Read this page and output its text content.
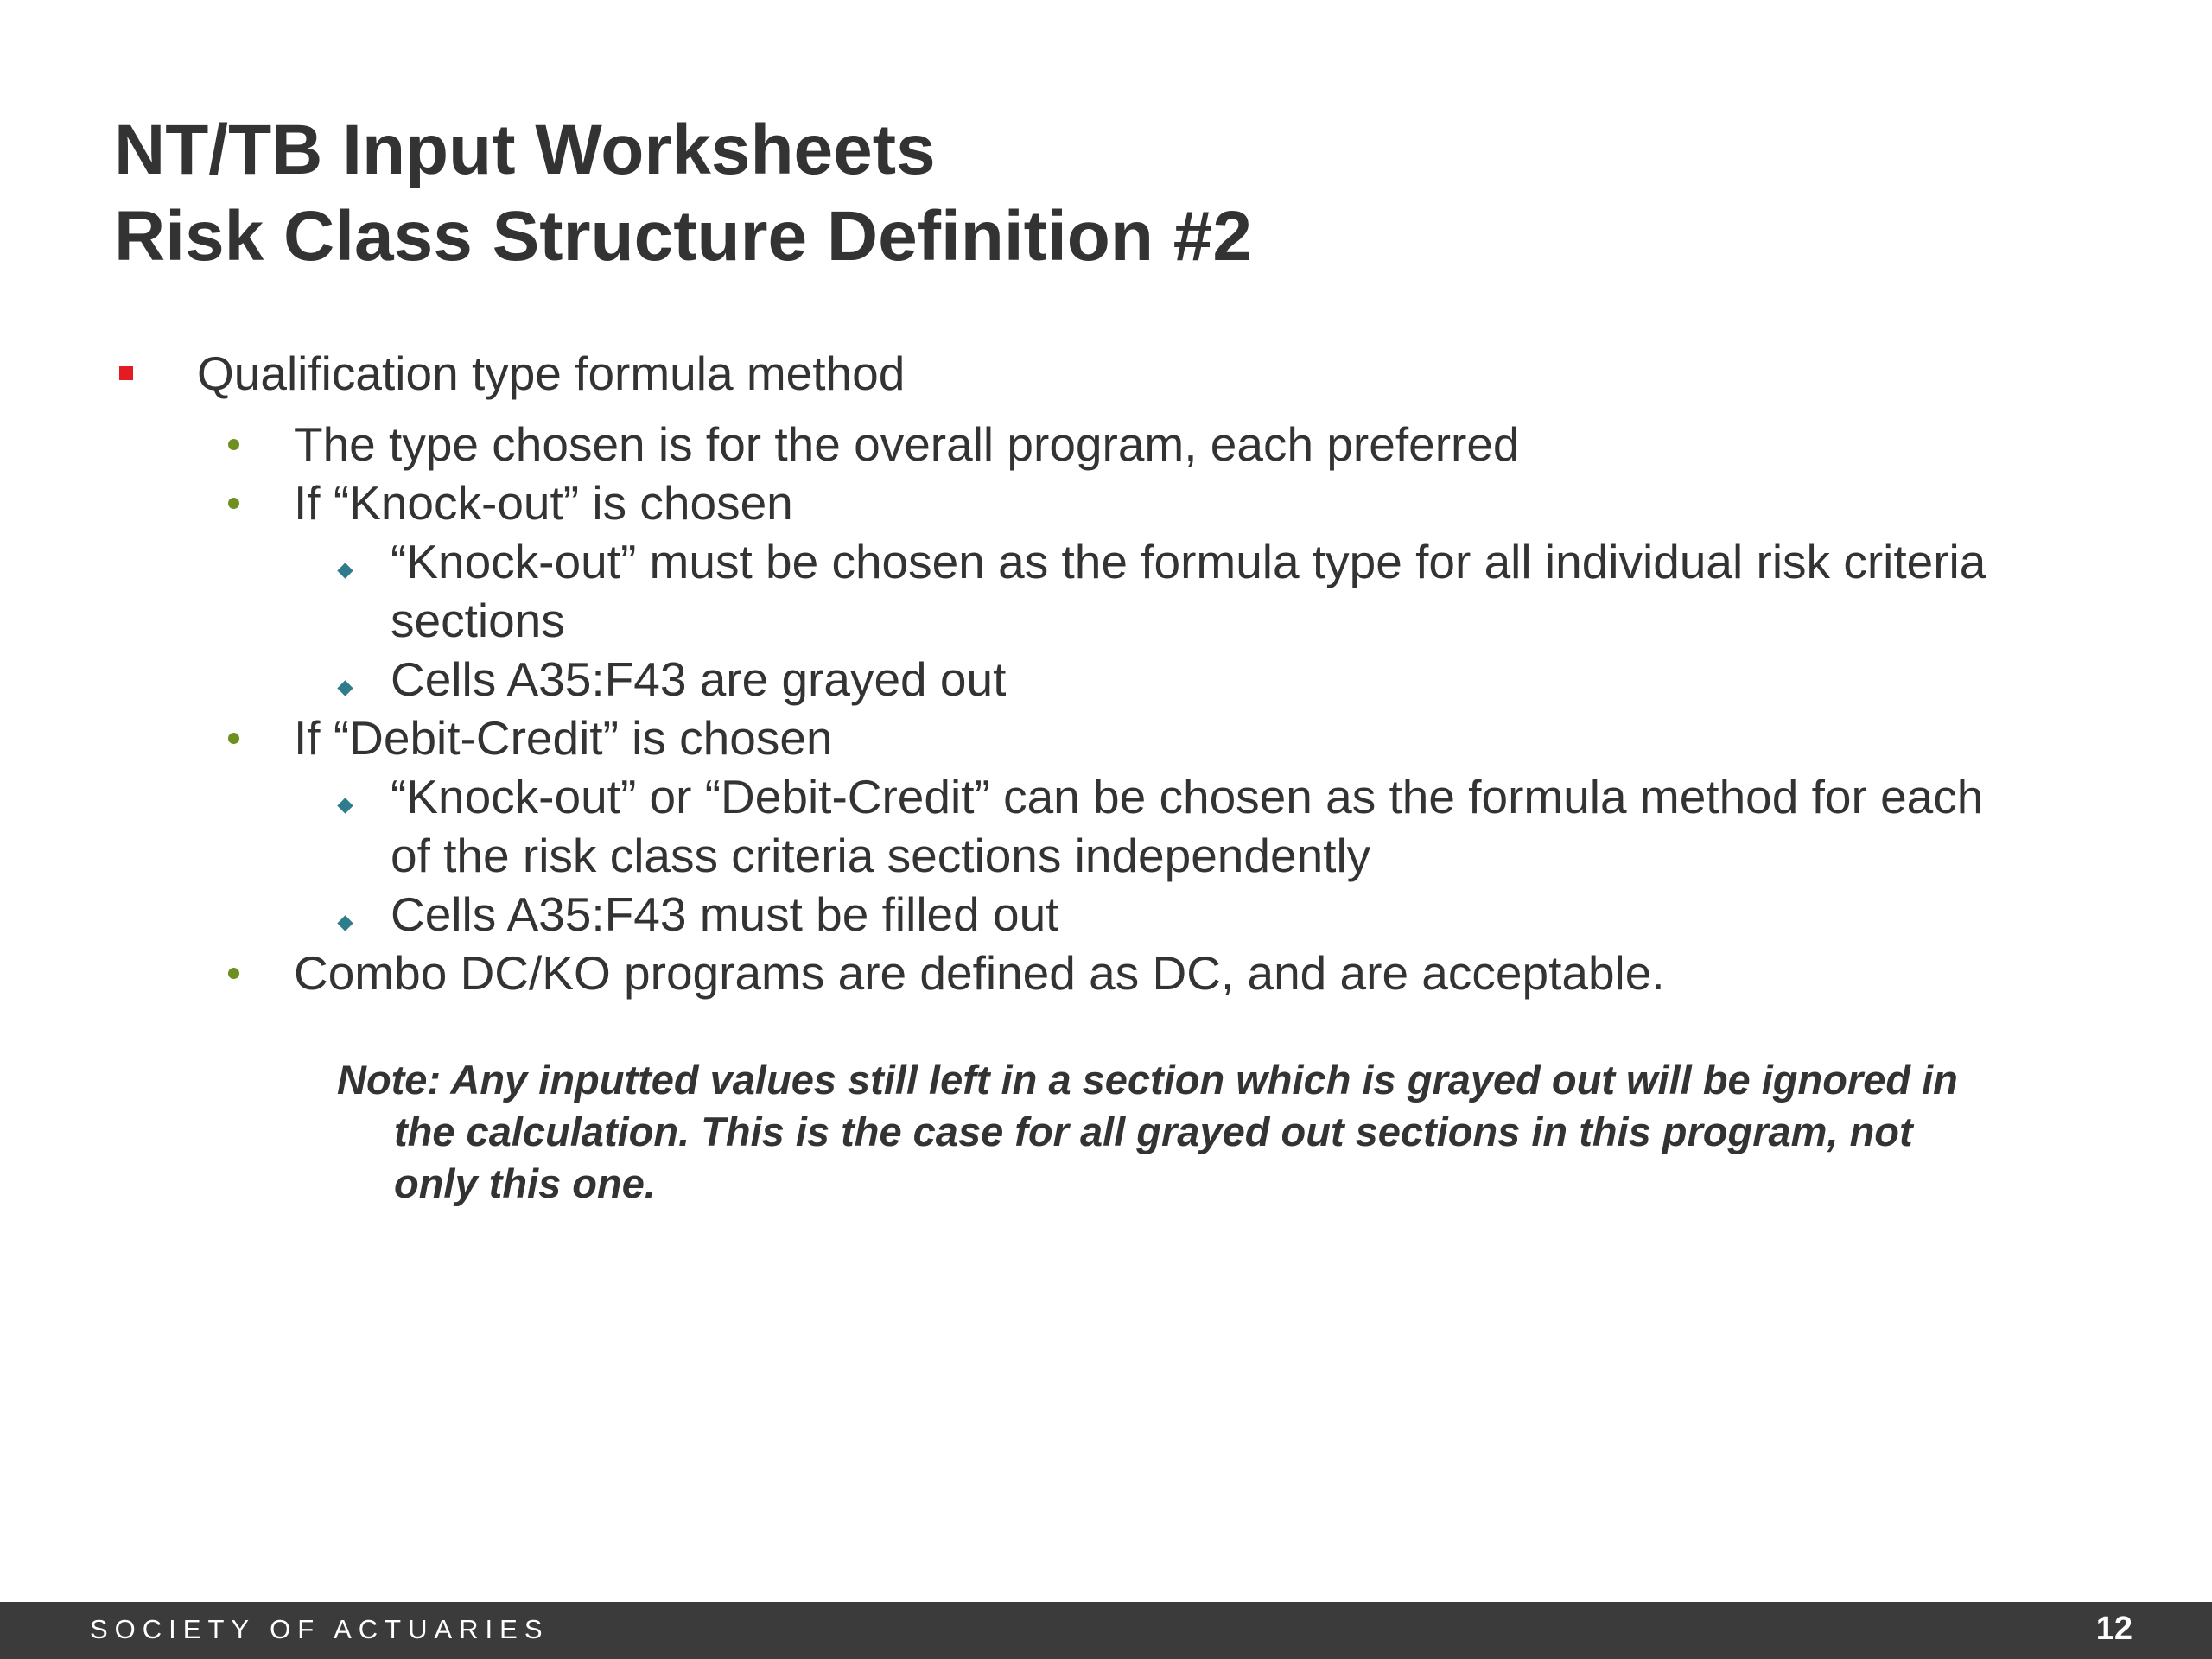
NT/TB Input Worksheets
Risk Class Structure Definition #2
Qualification type formula method
The type chosen is for the overall program, each preferred
If “Knock-out” is chosen
“Knock-out” must be chosen as the formula type for all individual risk criteria
sections
Cells A35:F43 are grayed out
If “Debit-Credit” is chosen
“Knock-out” or “Debit-Credit” can be chosen as the formula method for each
of the risk class criteria sections independently
Cells A35:F43 must be filled out
Combo DC/KO programs are defined as DC, and are acceptable.
Note: Any inputted values still left in a section which is grayed out will be ignored in
the calculation. This is the case for all grayed out sections in this program, not
only this one.
SOCIETY OF ACTUARIES	12
